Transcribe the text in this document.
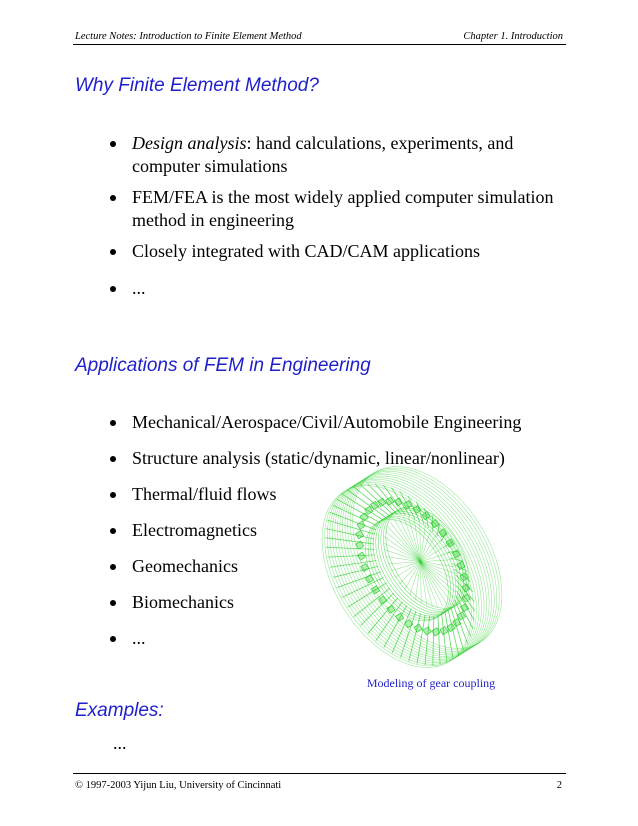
Lecture Notes: Introduction to Finite Element Method	Chapter 1. Introduction
Why Finite Element Method?
Design analysis: hand calculations, experiments, and computer simulations
FEM/FEA is the most widely applied computer simulation method in engineering
Closely integrated with CAD/CAM applications
...
Applications of FEM in Engineering
Mechanical/Aerospace/Civil/Automobile Engineering
Structure analysis (static/dynamic, linear/nonlinear)
Thermal/fluid flows
Electromagnetics
Geomechanics
Biomechanics
...
Modeling of gear coupling
Examples:
...
© 1997-2003 Yijun Liu, University of Cincinnati	2
